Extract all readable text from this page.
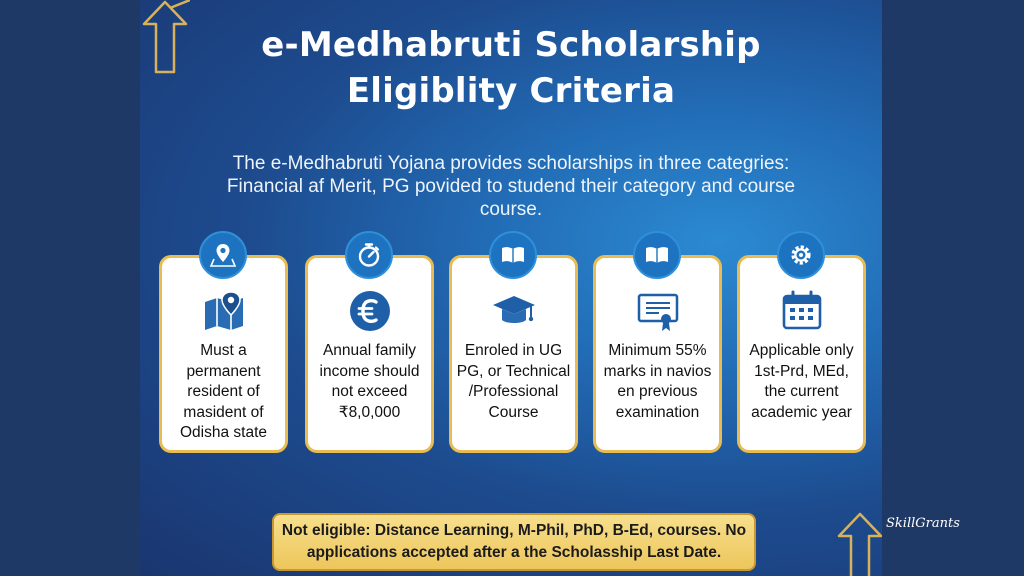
e-Medhabruti Scholarship
Eligiblity Criteria
The e-Medhabruti Yojana provides scholarships in three categries:
Financial af Merit, PG povided to studend their category and course
course.
Must a permanent
resident of
masident of
Odisha state
Annual family
income should
not exceed
₹8,0,000
Enroled in UG
PG, or Technical
/Professional
Course
Minimum 55%
marks in navios
en previous
examination
Applicable only
1st-Prd, MEd,
the current
academic year
Not eligible: Distance Learning, M-Phil, PhD, B-Ed, courses. No
applications accepted after a the Scholasship Last Date.
SkillGrants
